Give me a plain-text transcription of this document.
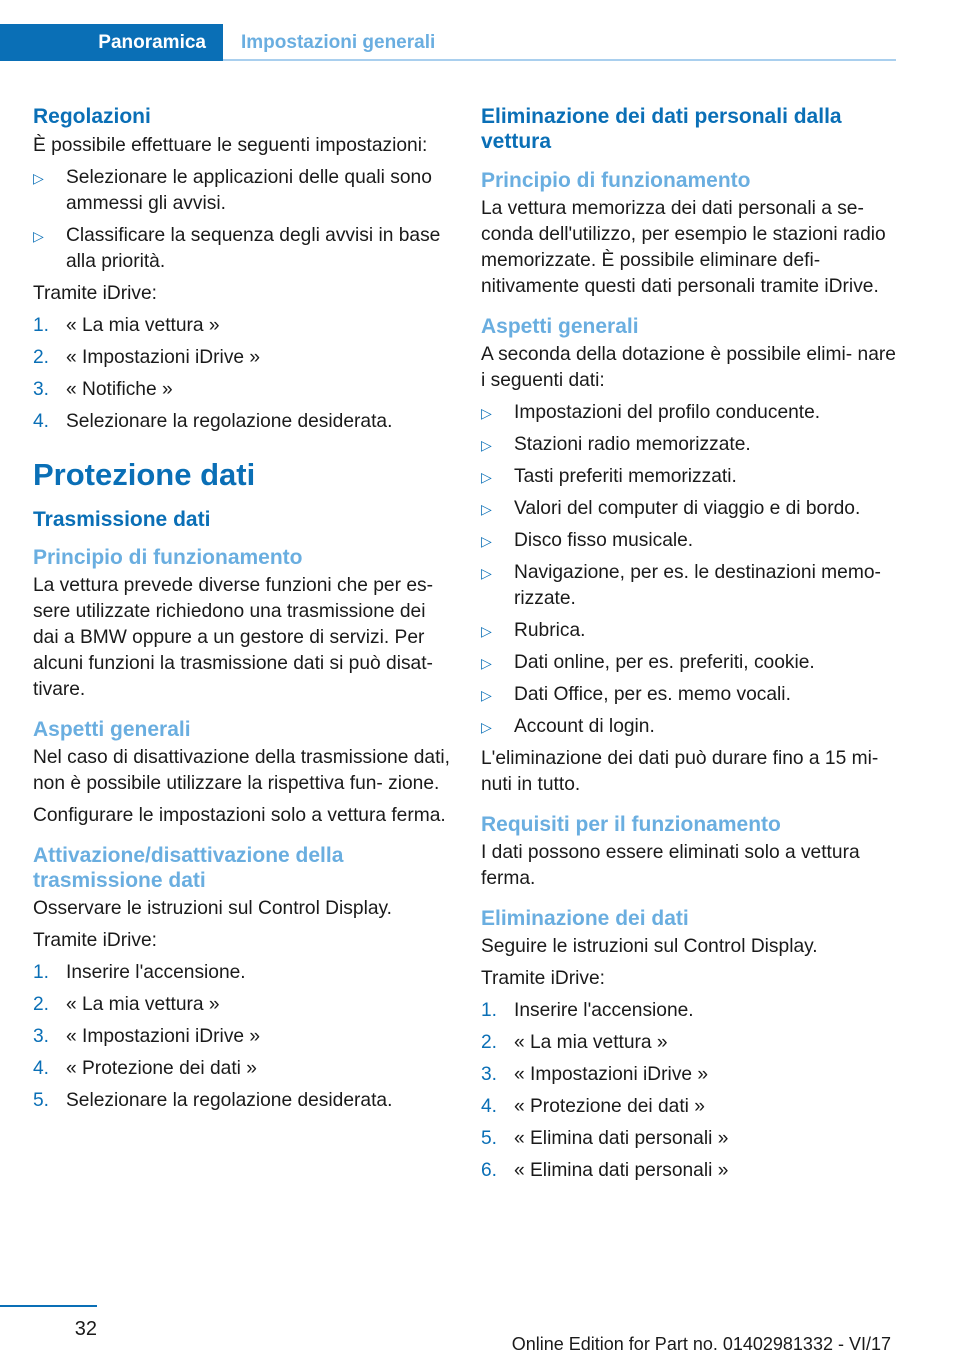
Panoramica Impostazioni generali
Regolazioni

È possibile effettuare le seguenti impostazioni:

▷ Selezionare le applicazioni delle quali sono ammessi gli avvisi.
▷ Classificare la sequenza degli avvisi in base alla priorità.

Tramite iDrive:

1. « La mia vettura »
2. « Impostazioni iDrive »
3. « Notifiche »
4. Selezionare la regolazione desiderata.
Protezione dati
Trasmissione dati
Principio di funzionamento

La vettura prevede diverse funzioni che per es- sere utilizzate richiedono una trasmissione dei dai a BMW oppure a un gestore di servizi. Per alcuni funzioni la trasmissione dati si può disat- tivare.

Aspetti generali

Nel caso di disattivazione della trasmissione dati, non è possibile utilizzare la rispettiva fun- zione.

Configurare le impostazioni solo a vettura ferma.

Attivazione/disattivazione della trasmissione dati

Osservare le istruzioni sul Control Display.

Tramite iDrive:

1. Inserire l'accensione.
2. « La mia vettura »
3. « Impostazioni iDrive »
4. « Protezione dei dati »
5. Selezionare la regolazione desiderata.
Eliminazione dei dati personali dalla vettura
Principio di funzionamento

La vettura memorizza dei dati personali a se- conda dell'utilizzo, per esempio le stazioni radio memorizzate. È possibile eliminare defi- nitivamente questi dati personali tramite iDrive.

Aspetti generali

A seconda della dotazione è possibile elimi- nare i seguenti dati:

▷ Impostazioni del profilo conducente.
▷ Stazioni radio memorizzate.
▷ Tasti preferiti memorizzati.
▷ Valori del computer di viaggio e di bordo.
▷ Disco fisso musicale.
▷ Navigazione, per es. le destinazioni memo- rizzate.
▷ Rubrica.
▷ Dati online, per es. preferiti, cookie.
▷ Dati Office, per es. memo vocali.
▷ Account di login.

L'eliminazione dei dati può durare fino a 15 mi- nuti in tutto.

Requisiti per il funzionamento

I dati possono essere eliminati solo a vettura ferma.

Eliminazione dei dati

Seguire le istruzioni sul Control Display.

Tramite iDrive:

1. Inserire l'accensione.
2. « La mia vettura »
3. « Impostazioni iDrive »
4. « Protezione dei dati »
5. « Elimina dati personali »
6. « Elimina dati personali »
32
Online Edition for Part no. 01402981332 - VI/17
